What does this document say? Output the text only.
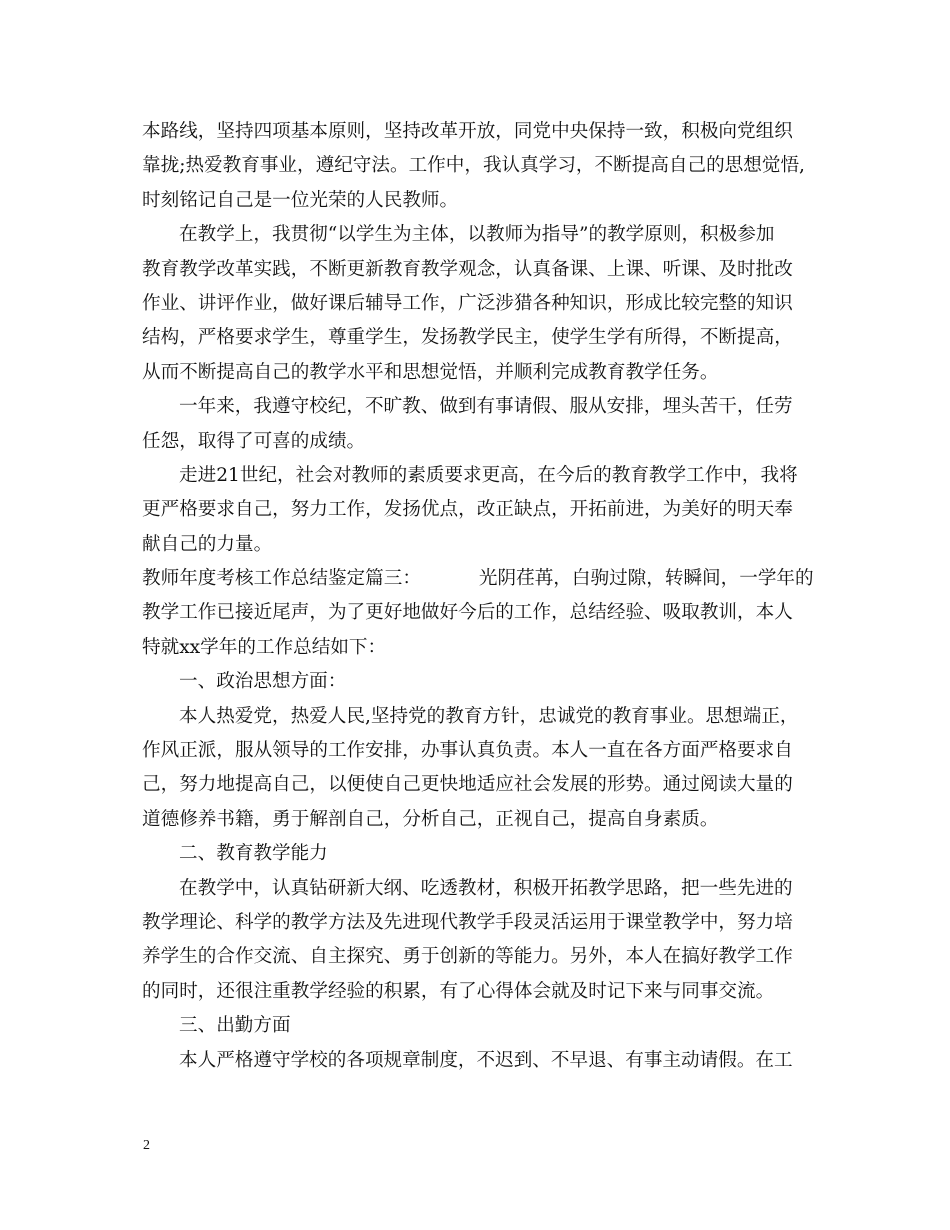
本路线，坚持四项基本原则，坚持改革开放，同党中央保持一致，积极向党组织
靠拢;热爱教育事业，遵纪守法。工作中，我认真学习，不断提高自己的思想觉悟,
时刻铭记自己是一位光荣的人民教师。
在教学上，我贯彻“以学生为主体，以教师为指导”的教学原则，积极参加
教育教学改革实践，不断更新教育教学观念，认真备课、上课、听课、及时批改
作业、讲评作业，做好课后辅导工作，广泛涉猎各种知识，形成比较完整的知识
结构，严格要求学生，尊重学生，发扬教学民主，使学生学有所得，不断提高，
从而不断提高自己的教学水平和思想觉悟，并顺利完成教育教学任务。
一年来，我遵守校纪，不旷教、做到有事请假、服从安排，埋头苦干，任劳
任怨，取得了可喜的成绩。
走进21世纪，社会对教师的素质要求更高，在今后的教育教学工作中，我将
更严格要求自己，努力工作，发扬优点，改正缺点，开拓前进，为美好的明天奉
献自己的力量。
教师年度考核工作总结鉴定篇三：	光阴荏苒，白驹过隙，转瞬间，一学年的
教学工作已接近尾声，为了更好地做好今后的工作，总结经验、吸取教训，本人
特就xx学年的工作总结如下：
一、政治思想方面：
本人热爱党，热爱人民,坚持党的教育方针，忠诚党的教育事业。思想端正，
作风正派，服从领导的工作安排，办事认真负责。本人一直在各方面严格要求自
己，努力地提高自己，以便使自己更快地适应社会发展的形势。通过阅读大量的
道德修养书籍，勇于解剖自己，分析自己，正视自己，提高自身素质。
二、教育教学能力
在教学中，认真钻研新大纲、吃透教材，积极开拓教学思路，把一些先进的
教学理论、科学的教学方法及先进现代教学手段灵活运用于课堂教学中，努力培
养学生的合作交流、自主探究、勇于创新的等能力。另外，本人在搞好教学工作
的同时，还很注重教学经验的积累，有了心得体会就及时记下来与同事交流。
三、出勤方面
本人严格遵守学校的各项规章制度，不迟到、不早退、有事主动请假。在工
2
